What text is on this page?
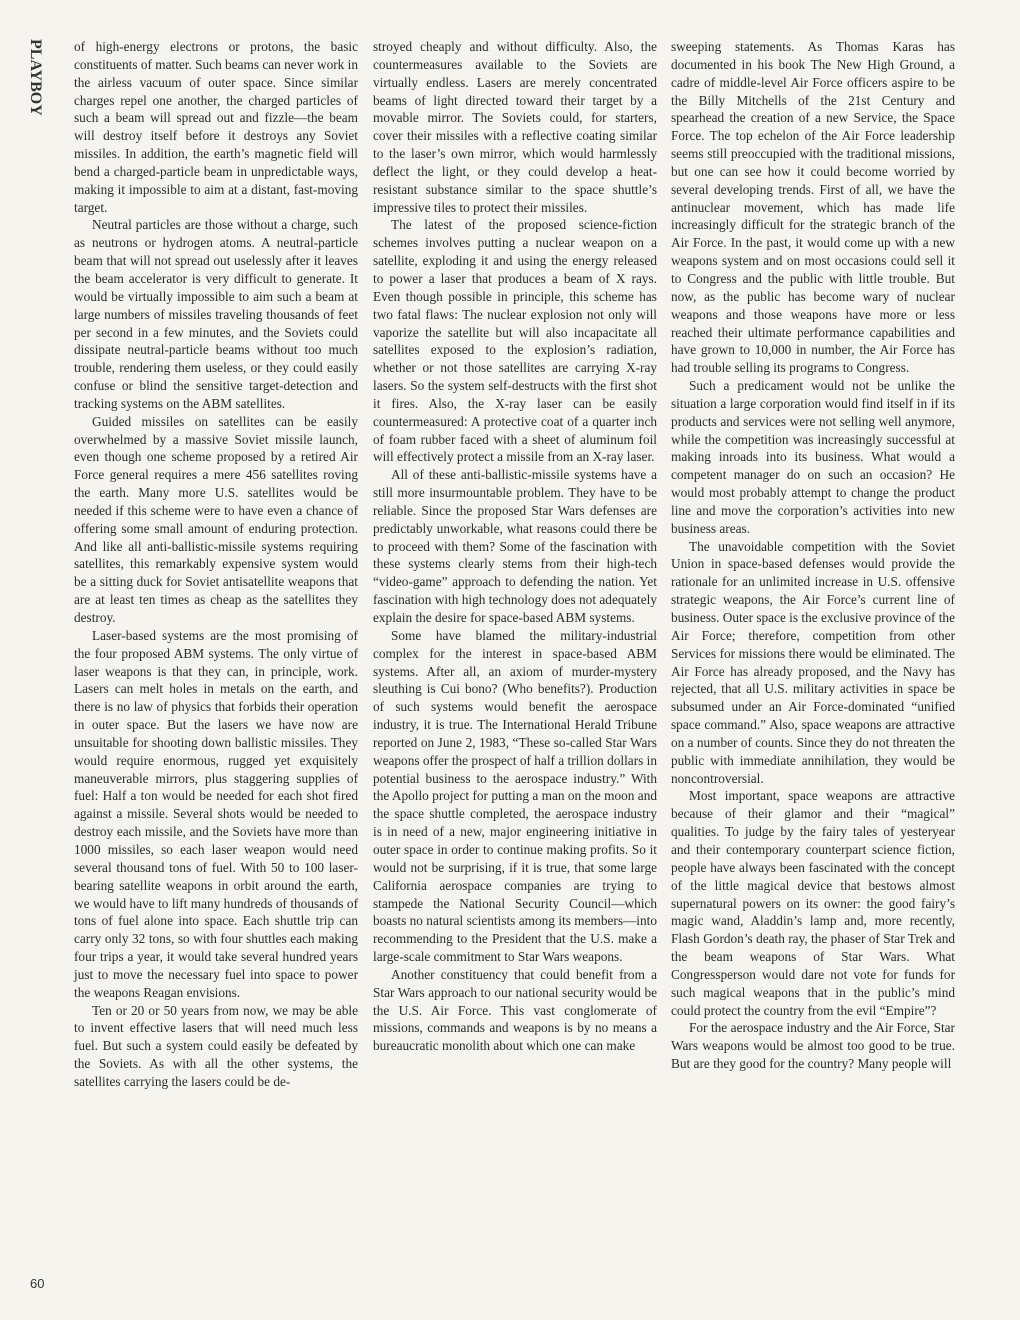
PLAYBOY of high-energy electrons or protons, the basic constituents of matter. Such beams can never work in the airless vacuum of outer space. Since similar charges repel one another, the charged particles of such a beam will spread out and fizzle—the beam will destroy itself before it destroys any Soviet missiles. In addition, the earth’s magnetic field will bend a charged-particle beam in unpredictable ways, making it impossible to aim at a distant, fast-moving target.

Neutral particles are those without a charge, such as neutrons or hydrogen atoms. A neutral-particle beam that will not spread out uselessly after it leaves the beam accelerator is very difficult to generate. It would be virtually impossible to aim such a beam at large numbers of missiles traveling thousands of feet per second in a few minutes, and the Soviets could dissipate neutral-particle beams without too much trouble, rendering them useless, or they could easily confuse or blind the sensitive target-detection and tracking systems on the ABM satellites.

Guided missiles on satellites can be easily overwhelmed by a massive Soviet missile launch, even though one scheme proposed by a retired Air Force general requires a mere 456 satellites roving the earth. Many more U.S. satellites would be needed if this scheme were to have even a chance of offering some small amount of enduring protection. And like all anti-ballistic-missile systems requiring satellites, this remarkably expensive system would be a sitting duck for Soviet antisatellite weapons that are at least ten times as cheap as the satellites they destroy.

Laser-based systems are the most promising of the four proposed ABM systems. The only virtue of laser weapons is that they can, in principle, work. Lasers can melt holes in metals on the earth, and there is no law of physics that forbids their operation in outer space. But the lasers we have now are unsuitable for shooting down ballistic missiles. They would require enormous, rugged yet exquisitely maneuverable mirrors, plus staggering supplies of fuel: Half a ton would be needed for each shot fired against a missile. Several shots would be needed to destroy each missile, and the Soviets have more than 1000 missiles, so each laser weapon would need several thousand tons of fuel. With 50 to 100 laser-bearing satellite weapons in orbit around the earth, we would have to lift many hundreds of thousands of tons of fuel alone into space. Each shuttle trip can carry only 32 tons, so with four shuttles each making four trips a year, it would take several hundred years just to move the necessary fuel into space to power the weapons Reagan envisions.

Ten or 20 or 50 years from now, we may be able to invent effective lasers that will need much less fuel. But such a system could easily be defeated by the Soviets. As with all the other systems, the satellites carrying the lasers could be de-

stroyed cheaply and without difficulty. Also, the countermeasures available to the Soviets are virtually endless. Lasers are merely concentrated beams of light directed toward their target by a movable mirror. The Soviets could, for starters, cover their missiles with a reflective coating similar to the laser’s own mirror, which would harmlessly deflect the light, or they could develop a heat-resistant substance similar to the space shuttle’s impressive tiles to protect their missiles.

The latest of the proposed science-fiction schemes involves putting a nuclear weapon on a satellite, exploding it and using the energy released to power a laser that produces a beam of X rays. Even though possible in principle, this scheme has two fatal flaws: The nuclear explosion not only will vaporize the satellite but will also incapacitate all satellites exposed to the explosion’s radiation, whether or not those satellites are carrying X-ray lasers. So the system self-destructs with the first shot it fires. Also, the X-ray laser can be easily countermeasured: A protective coat of a quarter inch of foam rubber faced with a sheet of aluminum foil will effectively protect a missile from an X-ray laser.

All of these anti-ballistic-missile systems have a still more insurmountable problem. They have to be reliable. Since the proposed Star Wars defenses are predictably unworkable, what reasons could there be to proceed with them? Some of the fascination with these systems clearly stems from their high-tech “video-game” approach to defending the nation. Yet fascination with high technology does not adequately explain the desire for space-based ABM systems.

Some have blamed the military-industrial complex for the interest in space-based ABM systems. After all, an axiom of murder-mystery sleuthing is Cui bono? (Who benefits?). Production of such systems would benefit the aerospace industry, it is true. The International Herald Tribune reported on June 2, 1983, “These so-called Star Wars weapons offer the prospect of half a trillion dollars in potential business to the aerospace industry.” With the Apollo project for putting a man on the moon and the space shuttle completed, the aerospace industry is in need of a new, major engineering initiative in outer space in order to continue making profits. So it would not be surprising, if it is true, that some large California aerospace companies are trying to stampede the National Security Council—which boasts no natural scientists among its members—into recommending to the President that the U.S. make a large-scale commitment to Star Wars weapons.

Another constituency that could benefit from a Star Wars approach to our national security would be the U.S. Air Force. This vast conglomerate of missions, commands and weapons is by no means a bureaucratic monolith about which one can make

sweeping statements. As Thomas Karas has documented in his book The New High Ground, a cadre of middle-level Air Force officers aspire to be the Billy Mitchells of the 21st Century and spearhead the creation of a new Service, the Space Force. The top echelon of the Air Force leadership seems still preoccupied with the traditional missions, but one can see how it could become worried by several developing trends. First of all, we have the antinuclear movement, which has made life increasingly difficult for the strategic branch of the Air Force. In the past, it would come up with a new weapons system and on most occasions could sell it to Congress and the public with little trouble. But now, as the public has become wary of nuclear weapons and those weapons have more or less reached their ultimate performance capabilities and have grown to 10,000 in number, the Air Force has had trouble selling its programs to Congress.

Such a predicament would not be unlike the situation a large corporation would find itself in if its products and services were not selling well anymore, while the competition was increasingly successful at making inroads into its business. What would a competent manager do on such an occasion? He would most probably attempt to change the product line and move the corporation’s activities into new business areas.

The unavoidable competition with the Soviet Union in space-based defenses would provide the rationale for an unlimited increase in U.S. offensive strategic weapons, the Air Force’s current line of business. Outer space is the exclusive province of the Air Force; therefore, competition from other Services for missions there would be eliminated. The Air Force has already proposed, and the Navy has rejected, that all U.S. military activities in space be subsumed under an Air Force-dominated “unified space command.” Also, space weapons are attractive on a number of counts. Since they do not threaten the public with immediate annihilation, they would be noncontroversial.

Most important, space weapons are attractive because of their glamor and their “magical” qualities. To judge by the fairy tales of yesteryear and their contemporary counterpart science fiction, people have always been fascinated with the concept of the little magical device that bestows almost supernatural powers on its owner: the good fairy’s magic wand, Aladdin’s lamp and, more recently, Flash Gordon’s death ray, the phaser of Star Trek and the beam weapons of Star Wars. What Congressperson would dare not vote for funds for such magical weapons that in the public’s mind could protect the country from the evil “Empire”?

For the aerospace industry and the Air Force, Star Wars weapons would be almost too good to be true. But are they good for the country? Many people will

60
